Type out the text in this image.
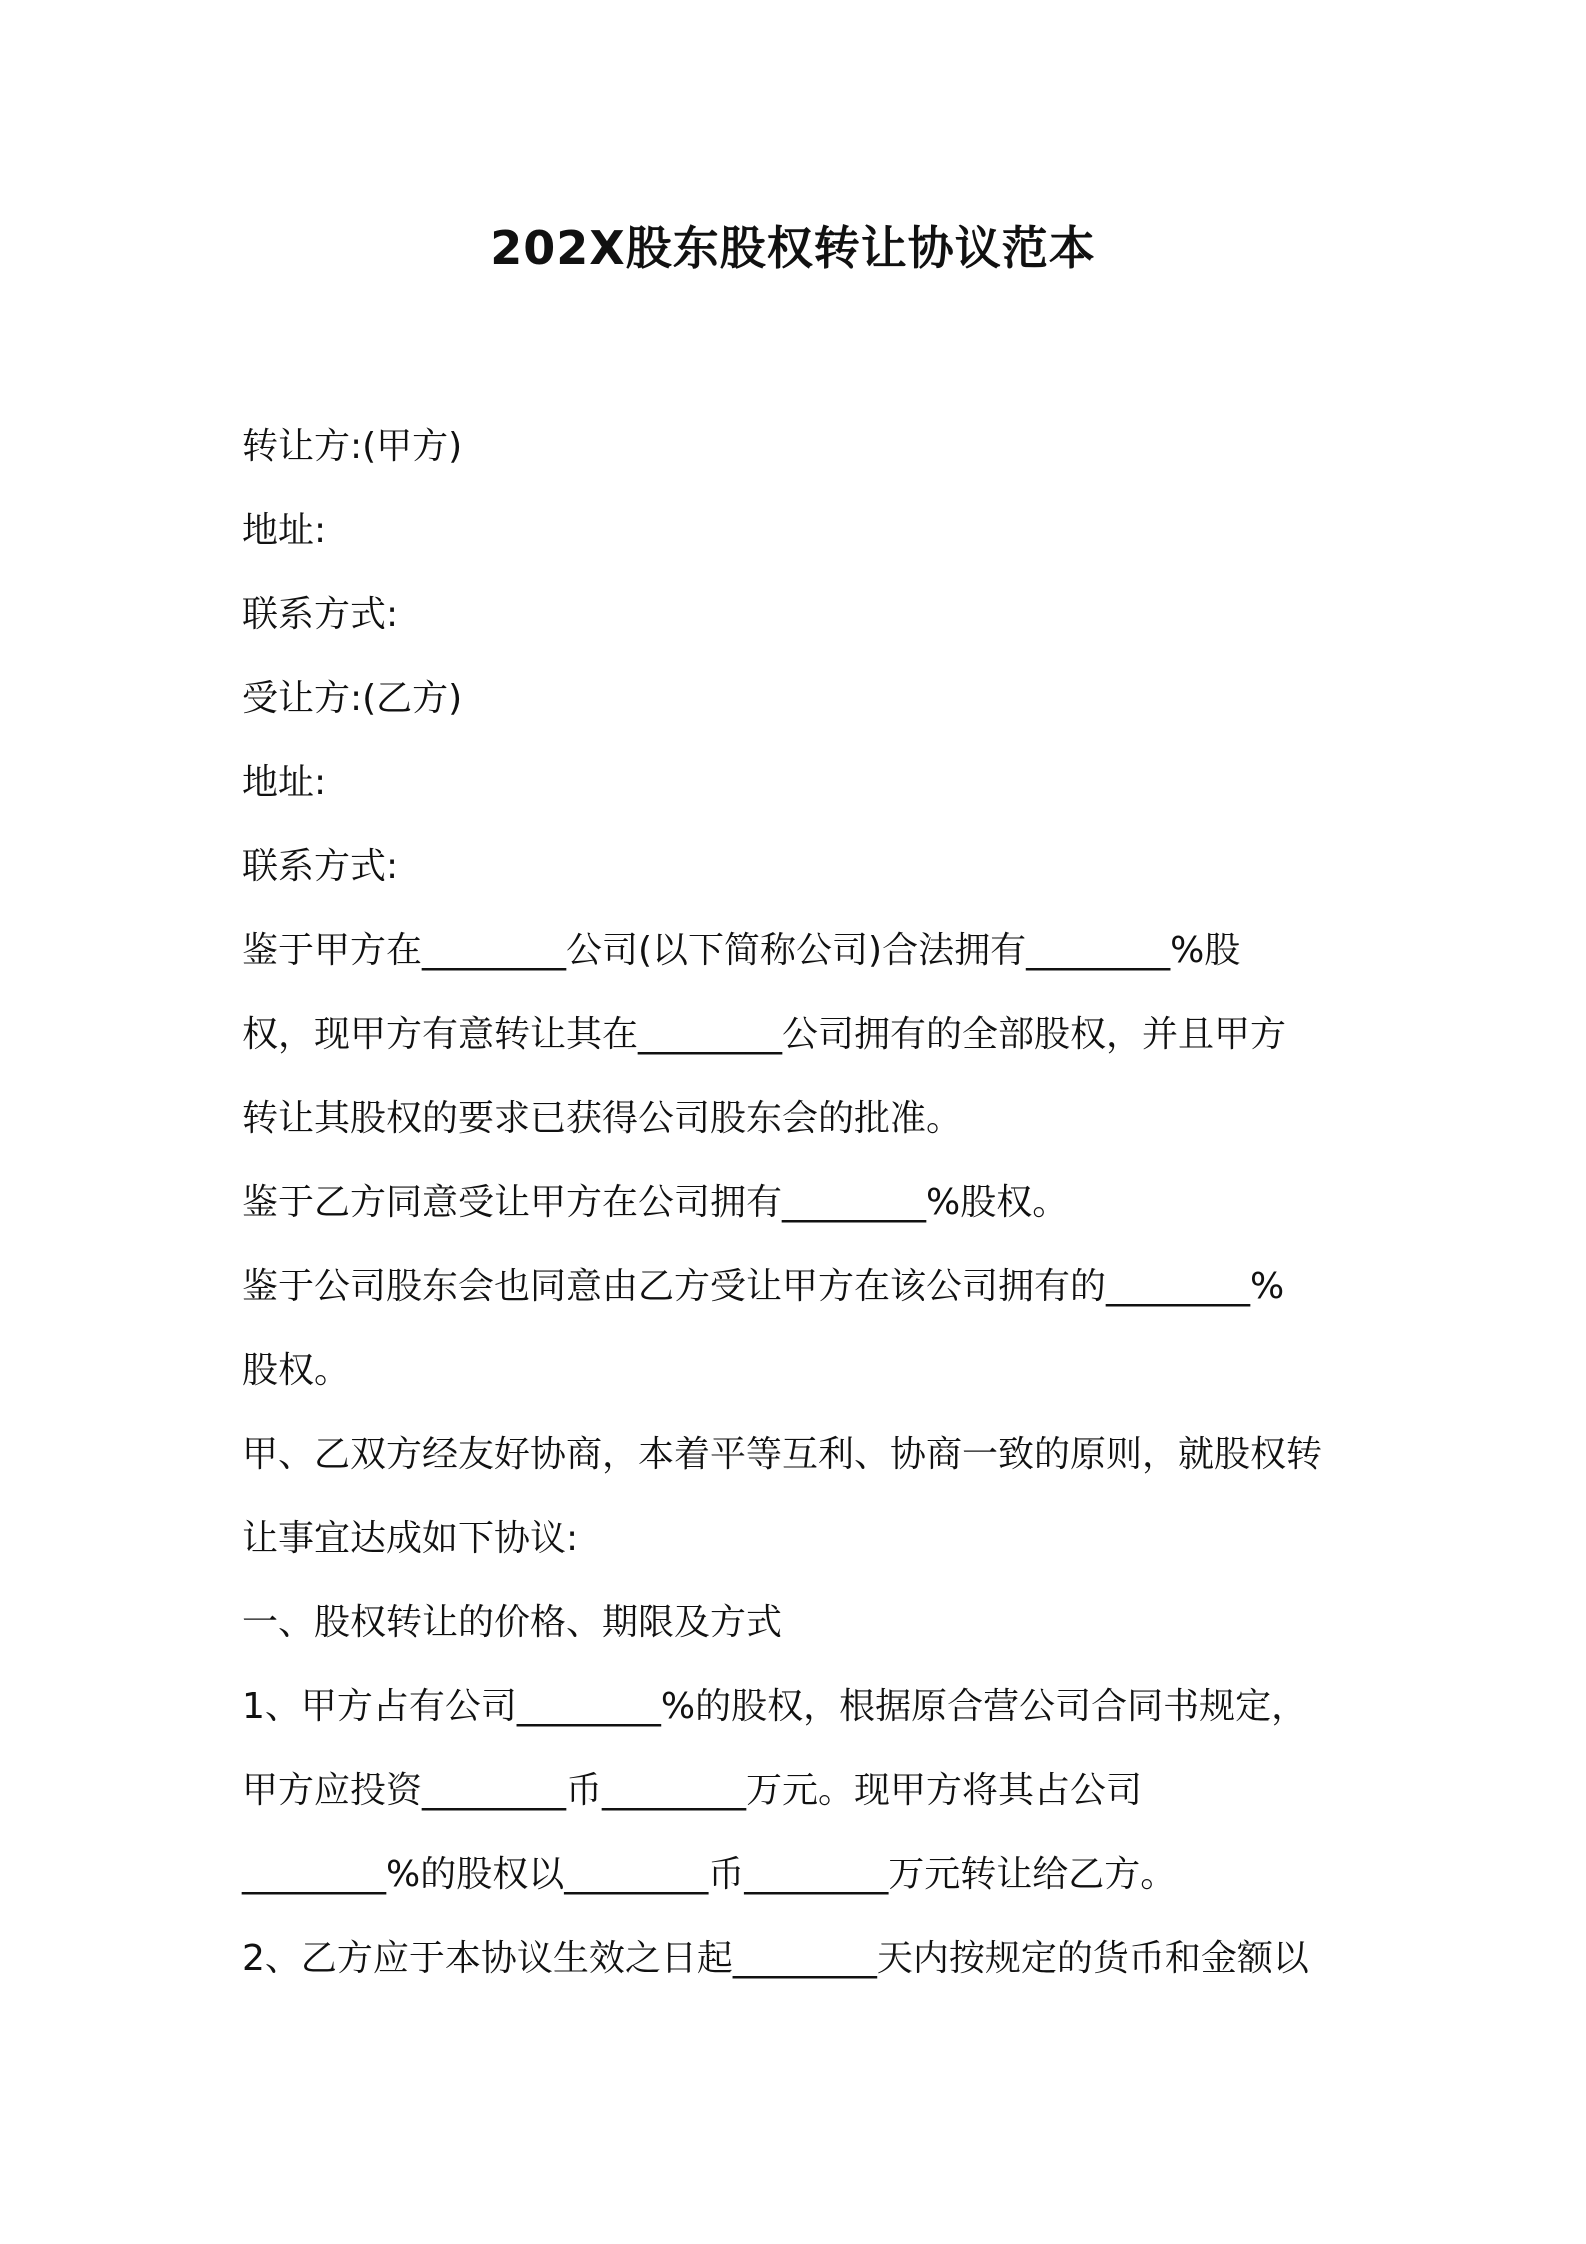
202X股东股权转让协议范本
转让方:(甲方)
地址:
联系方式:
受让方:(乙方)
地址:
联系方式:
鉴于甲方在________公司(以下简称公司)合法拥有________%股
权，现甲方有意转让其在________公司拥有的全部股权，并且甲方
转让其股权的要求已获得公司股东会的批准。
鉴于乙方同意受让甲方在公司拥有________%股权。
鉴于公司股东会也同意由乙方受让甲方在该公司拥有的________%
股权。
甲、乙双方经友好协商，本着平等互利、协商一致的原则，就股权转
让事宜达成如下协议:
一、股权转让的价格、期限及方式
1、甲方占有公司________%的股权，根据原合营公司合同书规定，
甲方应投资________币________万元。现甲方将其占公司
________%的股权以________币________万元转让给乙方。
2、乙方应于本协议生效之日起________天内按规定的货币和金额以
